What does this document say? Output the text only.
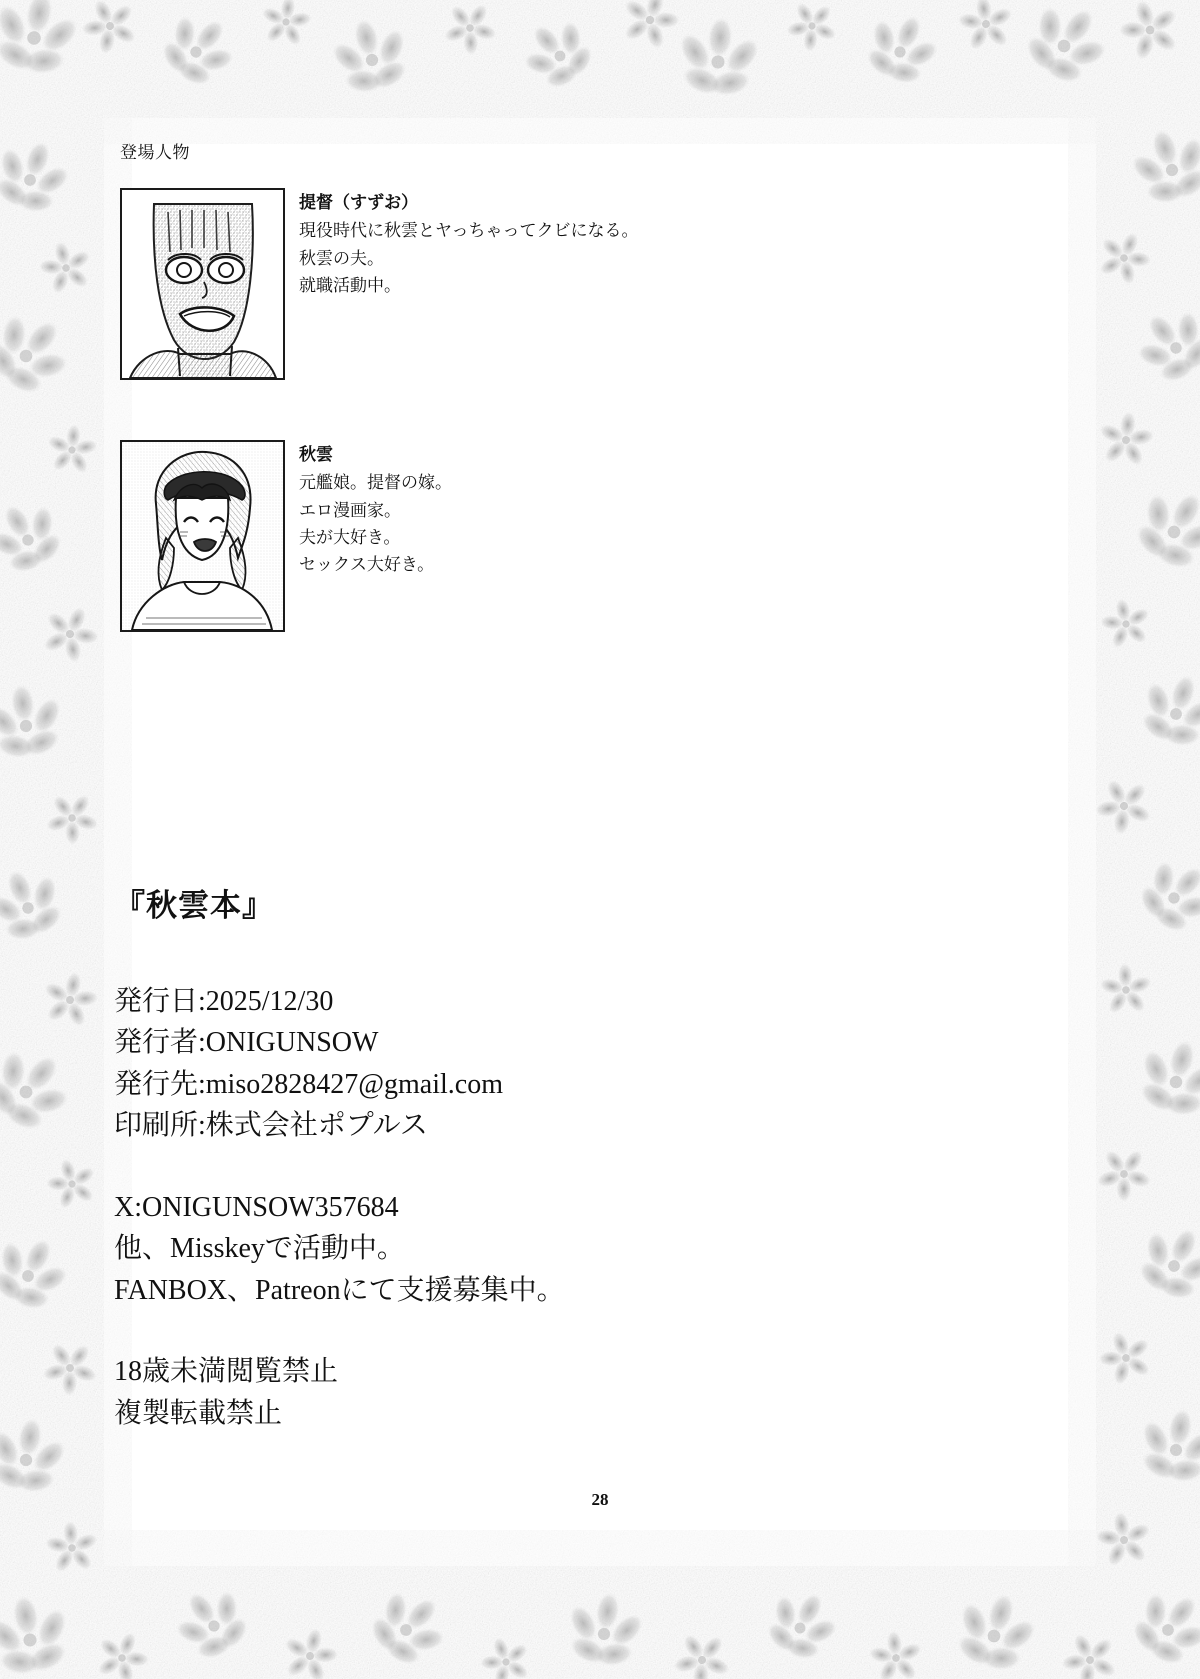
登場人物
提督（すずお）
現役時代に秋雲とヤっちゃってクビになる。
秋雲の夫。
就職活動中。
秋雲
元艦娘。提督の嫁。
エロ漫画家。
夫が大好き。
セックス大好き。
『秋雲本』
発行日:2025/12/30
発行者:ONIGUNSOW
発行先:miso2828427@gmail.com
印刷所:株式会社ポプルス
X:ONIGUNSOW357684
他、Misskeyで活動中。
FANBOX、Patreonにて支援募集中。
18歳未満閲覧禁止
複製転載禁止
28
